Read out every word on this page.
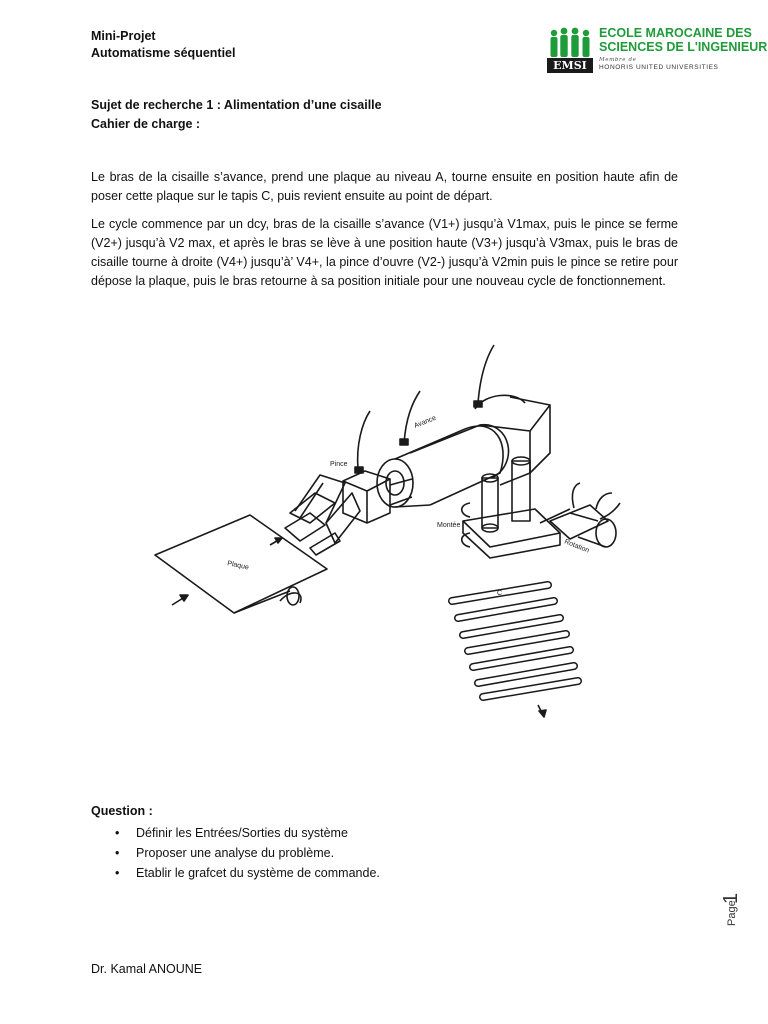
Mini-Projet
Automatisme séquentiel
EMSI
ECOLE MAROCAINE DES
SCIENCES DE L'INGENIEUR
Membre de
HONORIS UNITED UNIVERSITIES
Sujet de recherche 1 : Alimentation d’une cisaille
Cahier de charge :

Le bras de la cisaille s’avance, prend une plaque au niveau A, tourne ensuite en position haute afin de poser cette plaque sur le tapis C, puis revient ensuite au point de départ.

Le cycle commence par un dcy, bras de la cisaille s’avance (V1+) jusqu’à V1max, puis le pince se ferme (V2+) jusqu’à V2 max, et après le bras se lève à une position haute (V3+) jusqu’à V3max, puis le bras de cisaille tourne à droite (V4+) jusqu’à’ V4+, la pince d’ouvre (V2-) jusqu’à V2min puis le pince se retire pour dépose la plaque, puis le bras retourne à sa position initiale pour une nouveau cycle de fonctionnement.

Pince
Avance
Plaque
Montée
Rotation
C
Question :
• Définir les Entrées/Sorties du système
• Proposer une analyse du problème.
• Etablir le grafcet du système de commande.
Page
1
Dr. Kamal ANOUNE
